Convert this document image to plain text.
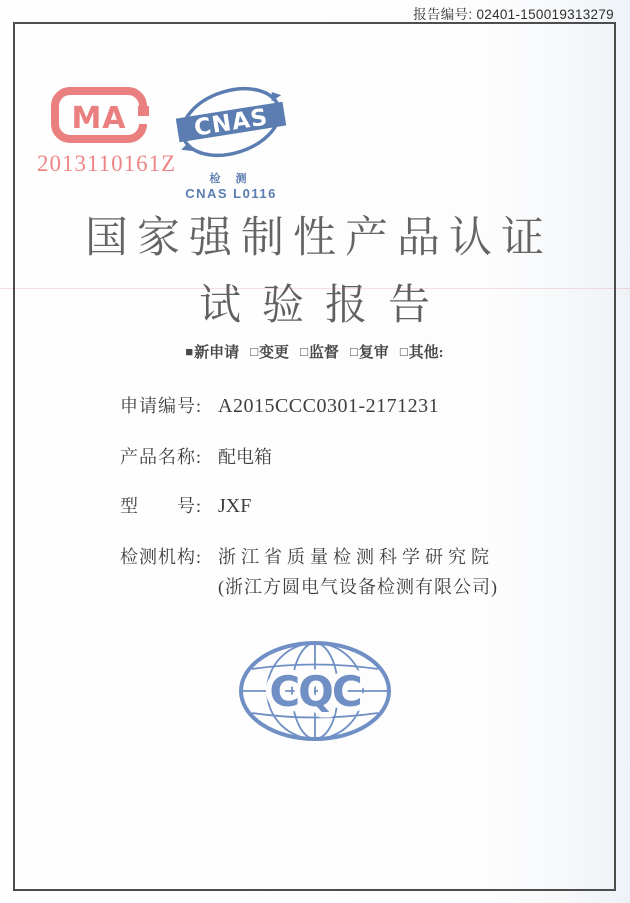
报告编号: 02401-150019313279
MA
2013110161Z
CNAS
检 测
CNAS L0116
国家强制性产品认证
试验报告
■新申请 □变更 □监督 □复审 □其他:
申请编号: A2015CCC0301-2171231
产品名称: 配电箱
型　　号: JXF
检测机构: 浙江省质量检测科学研究院
(浙江方圆电气设备检测有限公司)
CQC
